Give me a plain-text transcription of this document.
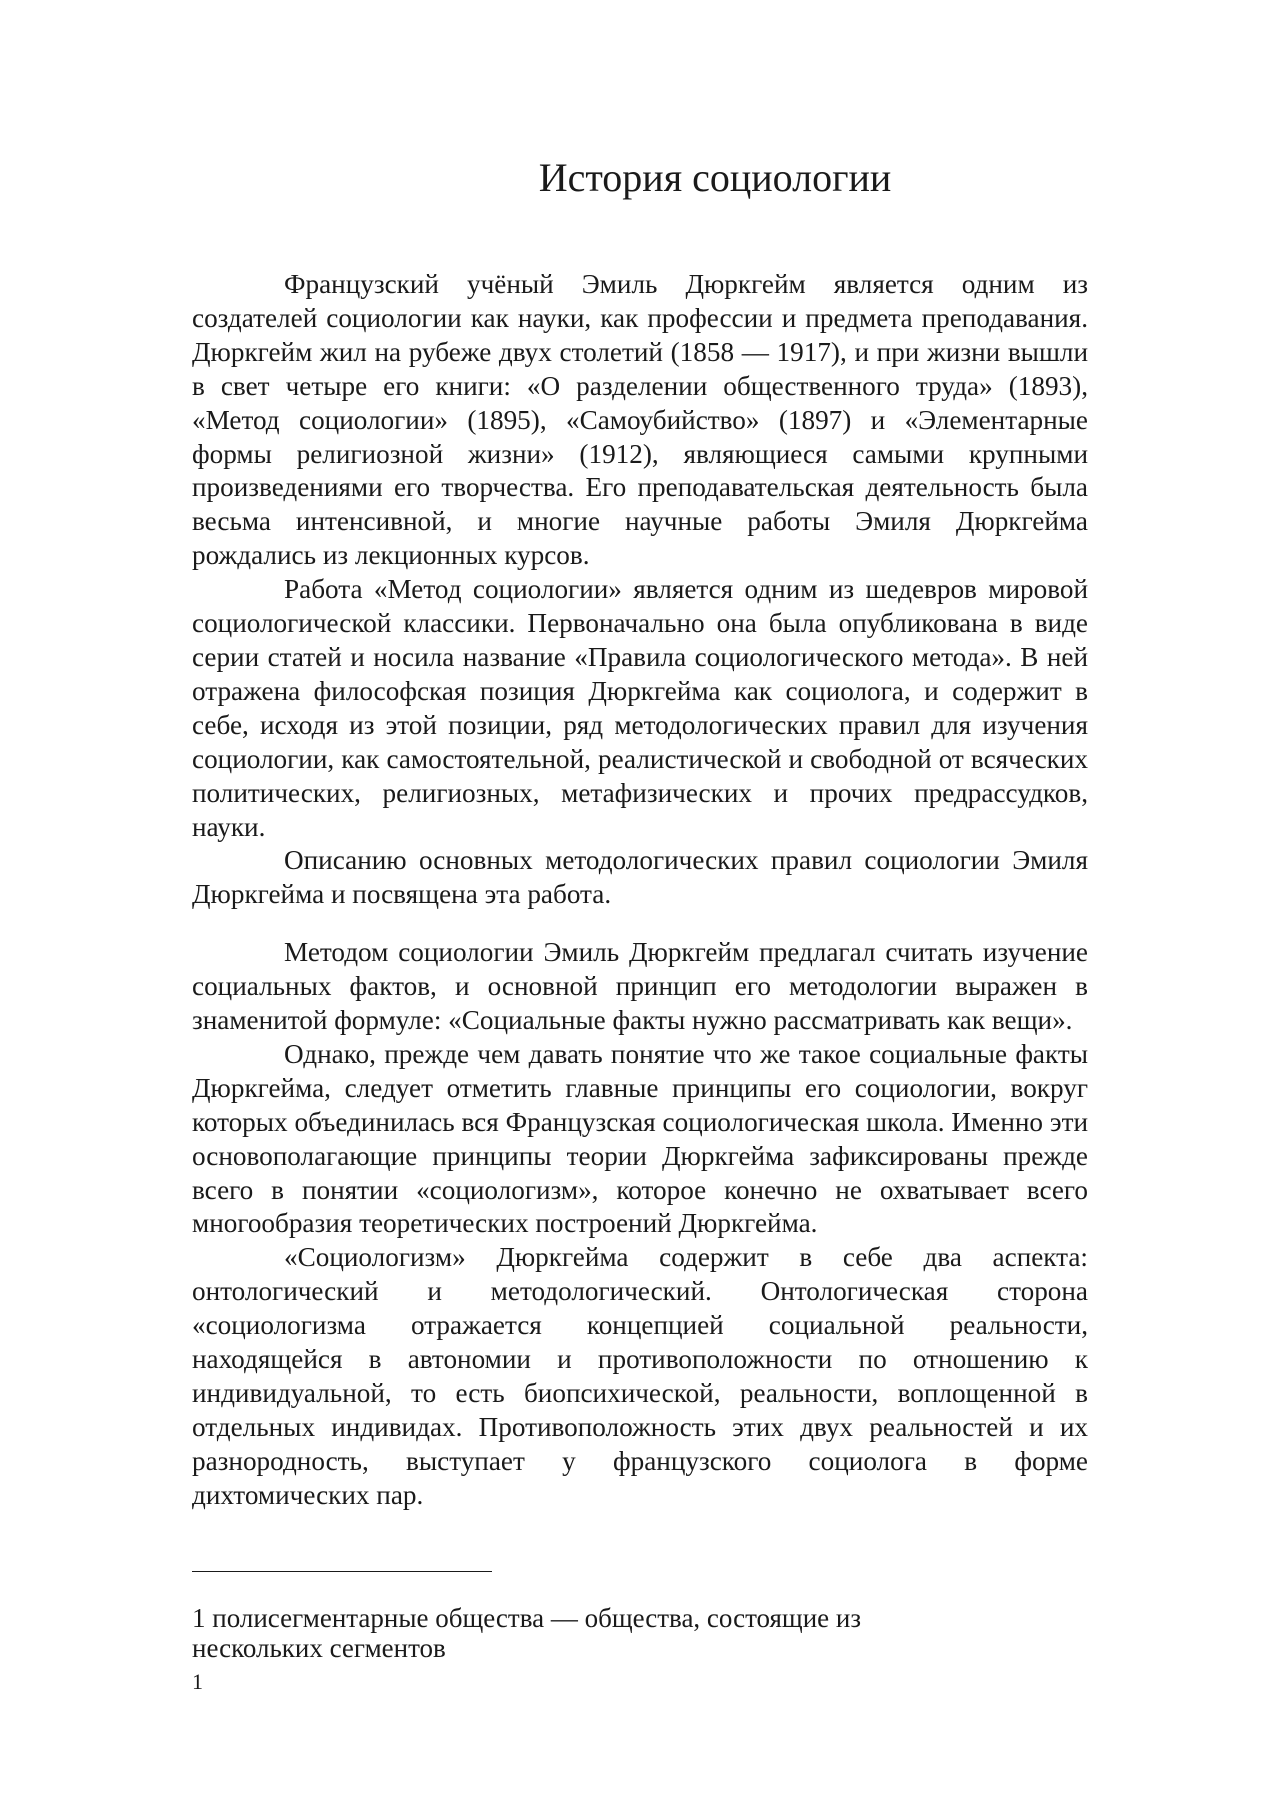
История социологии

Французский учёный Эмиль Дюркгейм является одним из создателей социологии как науки, как профессии и предмета преподавания. Дюркгейм жил на рубеже двух столетий (1858 — 1917), и при жизни вышли в свет четыре его книги: «О разделении общественного труда» (1893), «Метод социологии» (1895), «Самоубийство» (1897) и «Элементарные формы религиозной жизни» (1912), являющиеся самыми крупными произведениями его творчества. Его преподавательская деятельность была весьма интенсивной, и многие научные работы Эмиля Дюркгейма рождались из лекционных курсов.

Работа «Метод социологии» является одним из шедевров мировой социологической классики. Первоначально она была опубликована в виде серии статей и носила название «Правила социологического метода». В ней отражена философская позиция Дюркгейма как социолога, и содержит в себе, исходя из этой позиции, ряд методологических правил для изучения социологии, как самостоятельной, реалистической и свободной от всяческих политических, религиозных, метафизических и прочих предрассудков, науки.

Описанию основных методологических правил социологии Эмиля Дюркгейма и посвящена эта работа.

Методом социологии Эмиль Дюркгейм предлагал считать изучение социальных фактов, и основной принцип его методологии выражен в знаменитой формуле: «Социальные факты нужно рассматривать как вещи».

Однако, прежде чем давать понятие что же такое социальные факты Дюркгейма, следует отметить главные принципы его социологии, вокруг которых объединилась вся Французская социологическая школа. Именно эти основополагающие принципы теории Дюркгейма зафиксированы прежде всего в понятии «социологизм», которое конечно не охватывает всего многообразия теоретических построений Дюркгейма.

«Социологизм» Дюркгейма содержит в себе два аспекта: онтологический и методологический. Онтологическая сторона «социологизма отражается концепцией социальной реальности, находящейся в автономии и противоположности по отношению к индивидуальной, то есть биопсихической, реальности, воплощенной в отдельных индивидах. Противоположность этих двух реальностей и их разнородность, выступает у французского социолога в форме дихтомических пар.

1 полисегментарные общества — общества, состоящие из нескольких сегментов
1
